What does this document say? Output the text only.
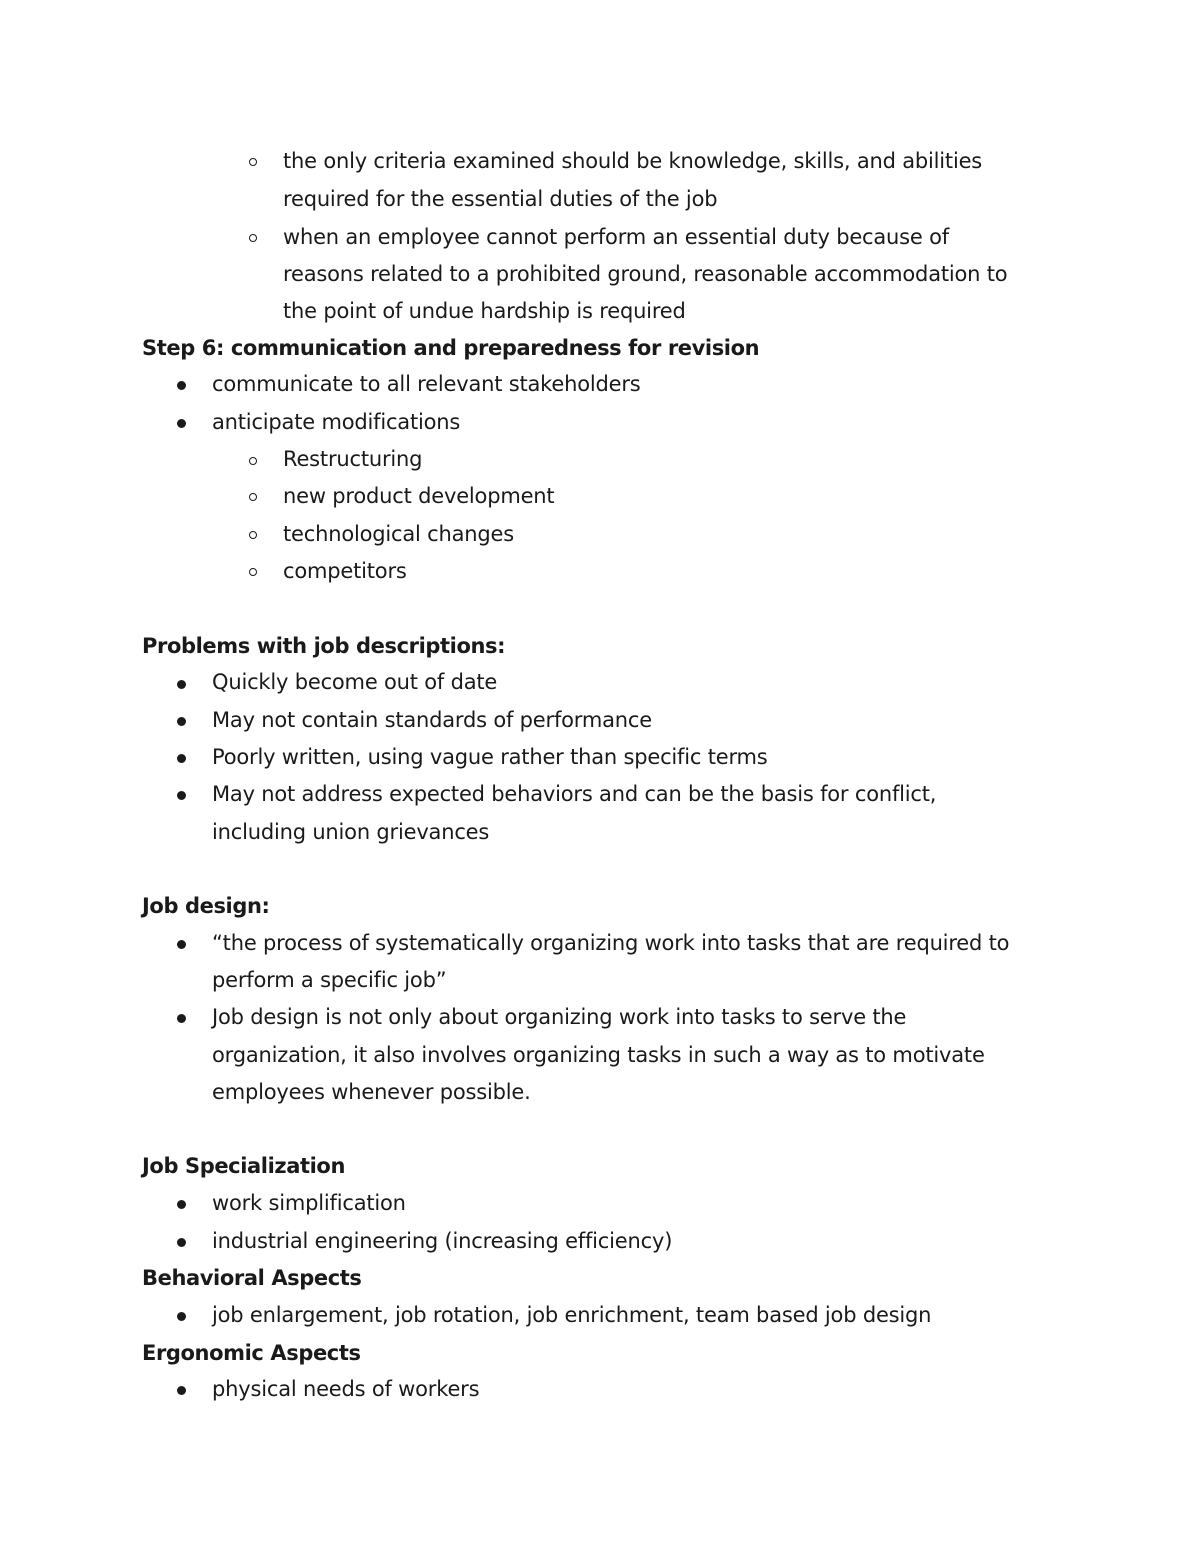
the only criteria examined should be knowledge, skills, and abilities
required for the essential duties of the job
when an employee cannot perform an essential duty because of
reasons related to a prohibited ground, reasonable accommodation to
the point of undue hardship is required
Step 6: communication and preparedness for revision
communicate to all relevant stakeholders
anticipate modifications
Restructuring
new product development
technological changes
competitors
Problems with job descriptions:
Quickly become out of date
May not contain standards of performance
Poorly written, using vague rather than specific terms
May not address expected behaviors and can be the basis for conflict,
including union grievances
Job design:
“the process of systematically organizing work into tasks that are required to
perform a specific job”
Job design is not only about organizing work into tasks to serve the
organization, it also involves organizing tasks in such a way as to motivate
employees whenever possible.
Job Specialization
work simplification
industrial engineering (increasing efficiency)
Behavioral Aspects
job enlargement, job rotation, job enrichment, team based job design
Ergonomic Aspects
physical needs of workers
